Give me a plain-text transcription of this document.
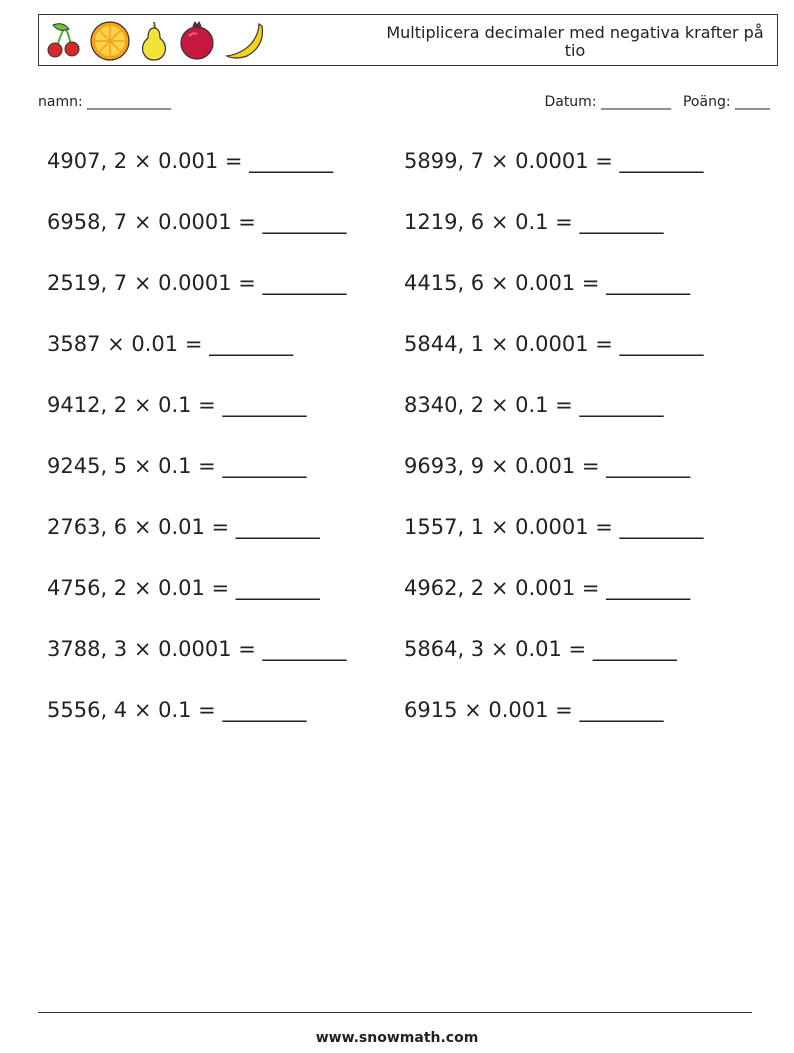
Multiplicera decimaler med negativa krafter på tio
namn: ____________	Datum: __________ Poäng: _____
4907, 2 × 0.001 = ________
6958, 7 × 0.0001 = ________
2519, 7 × 0.0001 = ________
3587 × 0.01 = ________
9412, 2 × 0.1 = ________
9245, 5 × 0.1 = ________
2763, 6 × 0.01 = ________
4756, 2 × 0.01 = ________
3788, 3 × 0.0001 = ________
5556, 4 × 0.1 = ________
5899, 7 × 0.0001 = ________
1219, 6 × 0.1 = ________
4415, 6 × 0.001 = ________
5844, 1 × 0.0001 = ________
8340, 2 × 0.1 = ________
9693, 9 × 0.001 = ________
1557, 1 × 0.0001 = ________
4962, 2 × 0.001 = ________
5864, 3 × 0.01 = ________
6915 × 0.001 = ________
www.snowmath.com
